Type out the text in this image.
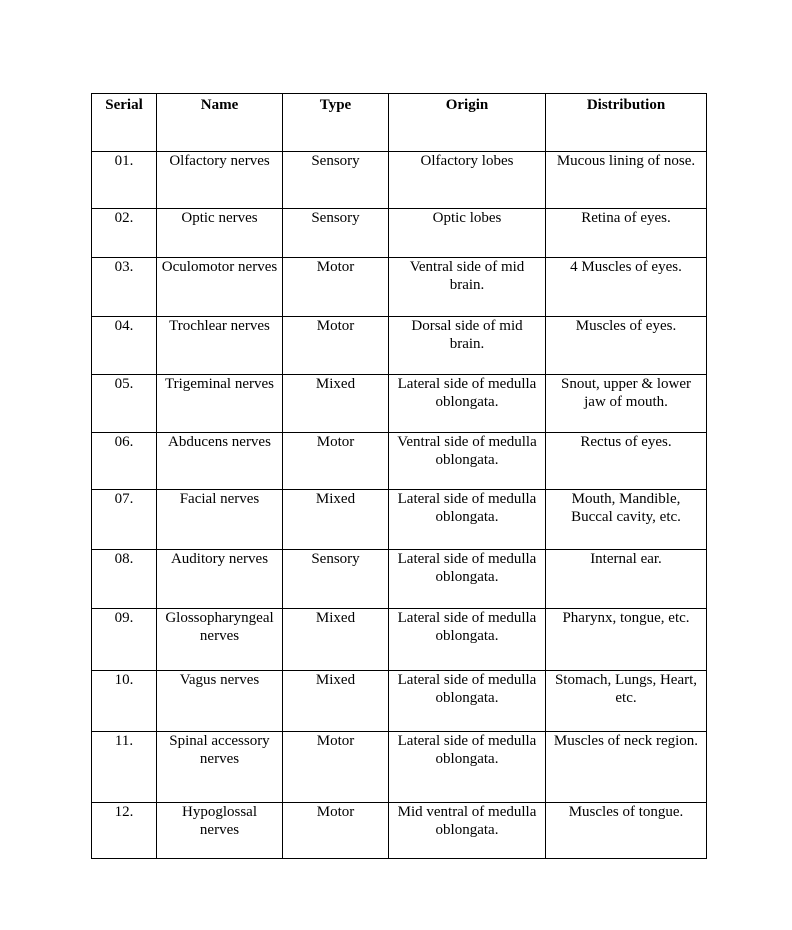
Serial	Name	Type	Origin	Distribution
01.	Olfactory nerves	Sensory	Olfactory lobes	Mucous lining of nose.
02.	Optic nerves	Sensory	Optic lobes	Retina of eyes.
03.	Oculomotor nerves	Motor	Ventral side of mid brain.	4 Muscles of eyes.
04.	Trochlear nerves	Motor	Dorsal side of mid brain.	Muscles of eyes.
05.	Trigeminal nerves	Mixed	Lateral side of medulla oblongata.	Snout, upper & lower jaw of mouth.
06.	Abducens nerves	Motor	Ventral side of medulla oblongata.	Rectus of eyes.
07.	Facial nerves	Mixed	Lateral side of medulla oblongata.	Mouth, Mandible, Buccal cavity, etc.
08.	Auditory nerves	Sensory	Lateral side of medulla oblongata.	Internal ear.
09.	Glossopharyngeal nerves	Mixed	Lateral side of medulla oblongata.	Pharynx, tongue, etc.
10.	Vagus nerves	Mixed	Lateral side of medulla oblongata.	Stomach, Lungs, Heart, etc.
11.	Spinal accessory nerves	Motor	Lateral side of medulla oblongata.	Muscles of neck region.
12.	Hypoglossal nerves	Motor	Mid ventral of medulla oblongata.	Muscles of tongue.
